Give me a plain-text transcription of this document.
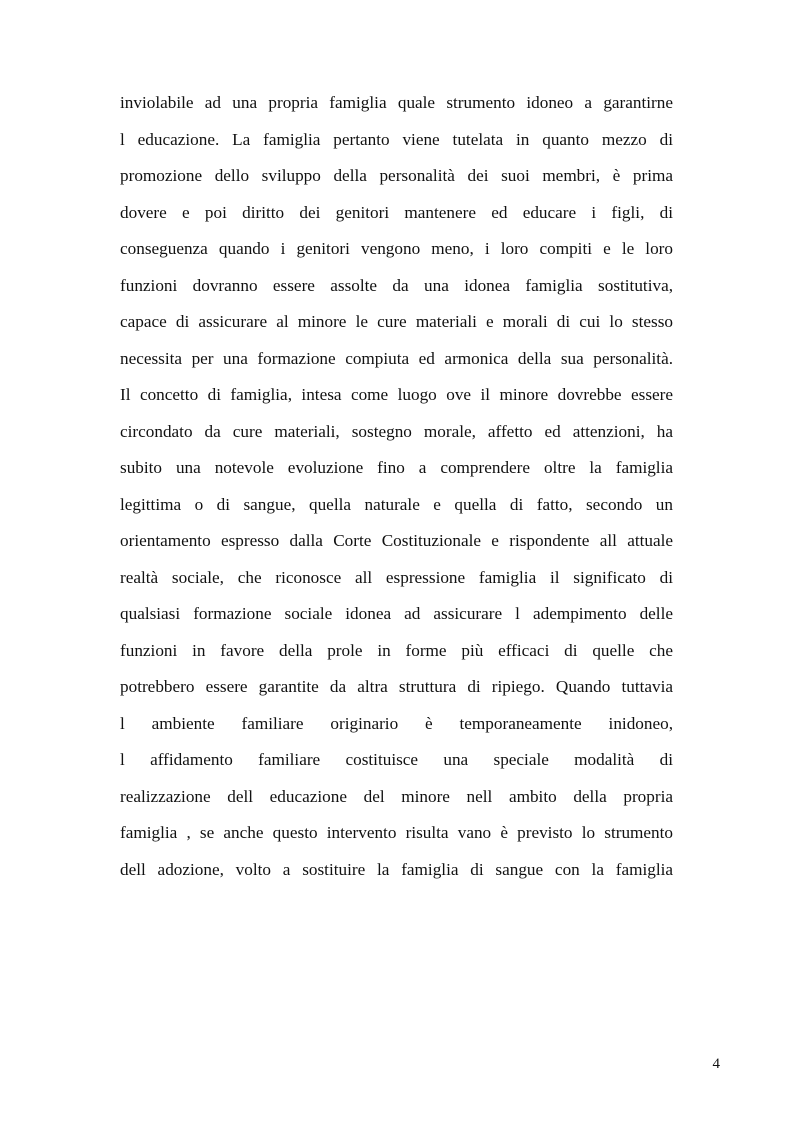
inviolabile ad una propria famiglia quale strumento idoneo a garantirne
l educazione. La famiglia pertanto viene tutelata in quanto mezzo di
promozione dello sviluppo della personalità dei suoi membri, è prima
dovere e poi diritto dei genitori mantenere ed educare i figli, di
conseguenza quando i genitori vengono meno, i loro compiti e le loro
funzioni dovranno essere assolte da una idonea famiglia sostitutiva,
capace di assicurare al minore le cure materiali e morali di cui lo stesso
necessita per una formazione compiuta ed armonica della sua personalità.
Il concetto di famiglia, intesa come luogo ove il minore dovrebbe essere
circondato da cure materiali, sostegno morale, affetto ed attenzioni, ha
subito una notevole evoluzione fino a comprendere oltre la famiglia
legittima o di sangue, quella naturale e quella di fatto, secondo un
orientamento espresso dalla Corte Costituzionale e rispondente all attuale
realtà sociale, che riconosce all espressione famiglia il significato di
qualsiasi formazione sociale idonea ad assicurare l adempimento delle
funzioni in favore della prole in forme più efficaci di quelle che
potrebbero essere garantite da altra struttura di ripiego. Quando tuttavia
l ambiente familiare originario è temporaneamente inidoneo,
l affidamento familiare costituisce una speciale modalità di
realizzazione dell educazione del minore nell ambito della propria
famiglia , se anche questo intervento risulta vano è previsto lo strumento
dell adozione, volto a sostituire la famiglia di sangue con la famiglia
4
